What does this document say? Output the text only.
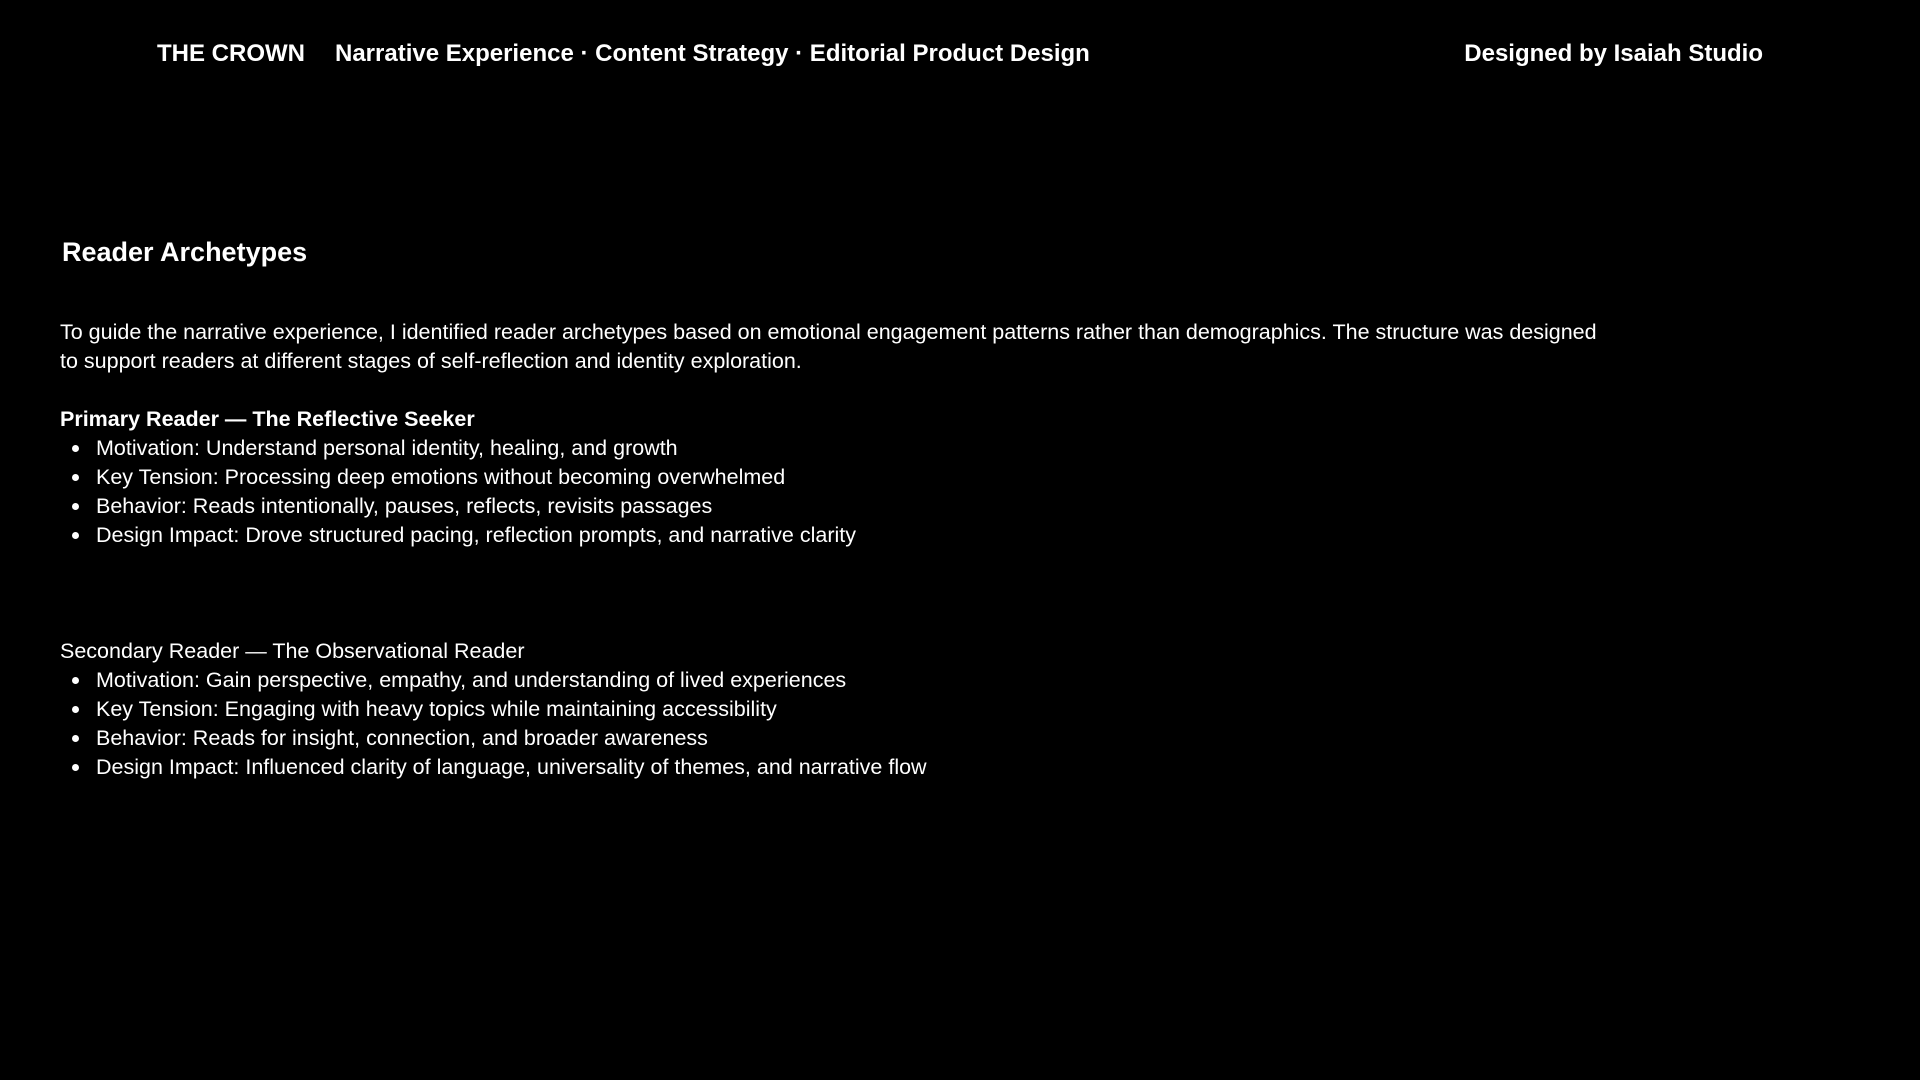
THE CROWN Narrative Experience · Content Strategy · Editorial Product Design	Designed by Isaiah Studio
Reader Archetypes

To guide the narrative experience, I identified reader archetypes based on emotional engagement patterns rather than demographics. The structure was designed to support readers at different stages of self-reflection and identity exploration.

Primary Reader — The Reflective Seeker

Motivation: Understand personal identity, healing, and growth
Key Tension: Processing deep emotions without becoming overwhelmed
Behavior: Reads intentionally, pauses, reflects, revisits passages
Design Impact: Drove structured pacing, reflection prompts, and narrative clarity

Secondary Reader — The Observational Reader

Motivation: Gain perspective, empathy, and understanding of lived experiences
Key Tension: Engaging with heavy topics while maintaining accessibility
Behavior: Reads for insight, connection, and broader awareness
Design Impact: Influenced clarity of language, universality of themes, and narrative flow
